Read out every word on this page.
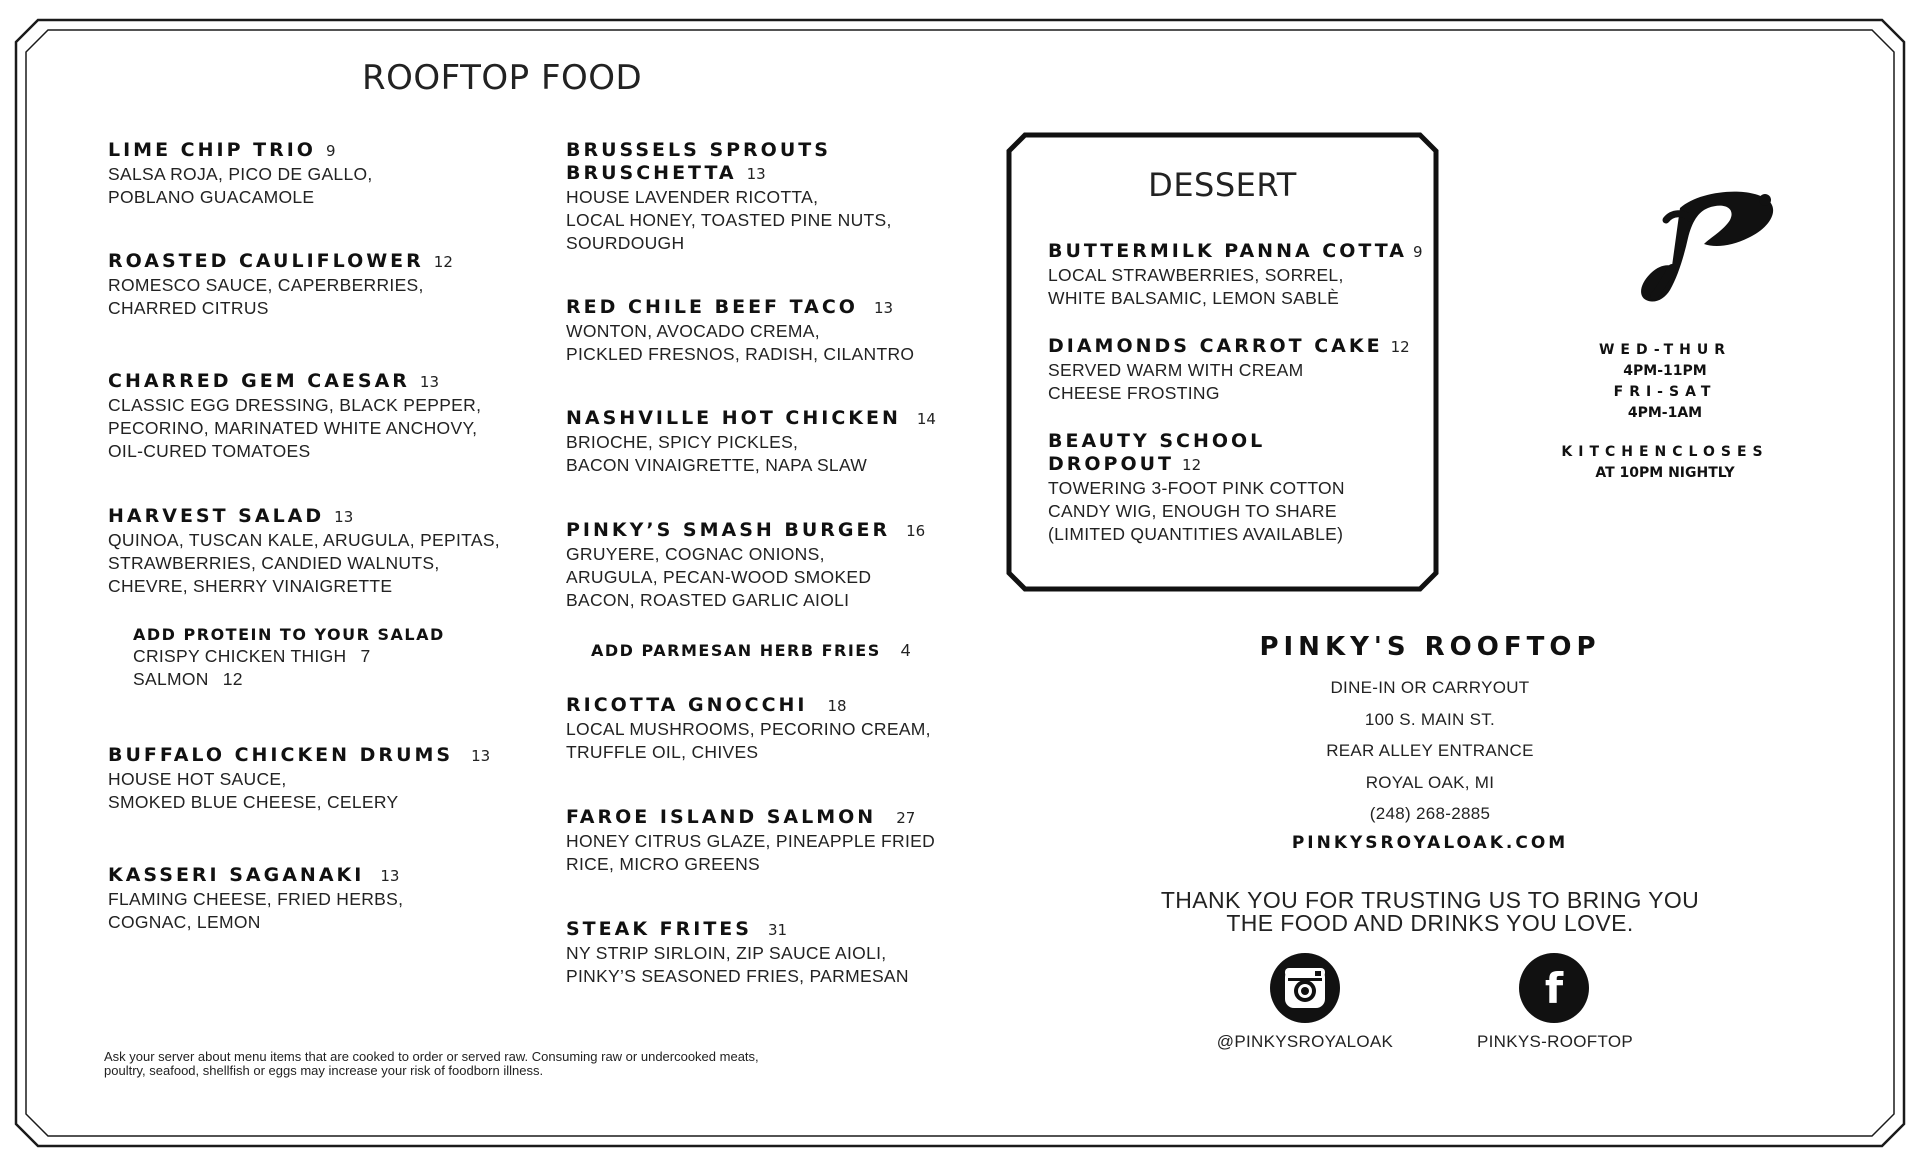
ROOFTOP FOOD
LIME CHIP TRIO 9
SALSA ROJA, PICO DE GALLO,
POBLANO GUACAMOLE
ROASTED CAULIFLOWER 12
ROMESCO SAUCE, CAPERBERRIES,
CHARRED CITRUS
CHARRED GEM CAESAR 13
CLASSIC EGG DRESSING, BLACK PEPPER,
PECORINO, MARINATED WHITE ANCHOVY,
OIL-CURED TOMATOES
HARVEST SALAD 13
QUINOA, TUSCAN KALE, ARUGULA, PEPITAS,
STRAWBERRIES, CANDIED WALNUTS,
CHEVRE, SHERRY VINAIGRETTE
ADD PROTEIN TO YOUR SALAD
CRISPY CHICKEN THIGH 7
SALMON 12
BUFFALO CHICKEN DRUMS 13
HOUSE HOT SAUCE,
SMOKED BLUE CHEESE, CELERY
KASSERI SAGANAKI 13
FLAMING CHEESE, FRIED HERBS,
COGNAC, LEMON
BRUSSELS SPROUTS
BRUSCHETTA 13
HOUSE LAVENDER RICOTTA,
LOCAL HONEY, TOASTED PINE NUTS,
SOURDOUGH
RED CHILE BEEF TACO 13
WONTON, AVOCADO CREMA,
PICKLED FRESNOS, RADISH, CILANTRO
NASHVILLE HOT CHICKEN 14
BRIOCHE, SPICY PICKLES,
BACON VINAIGRETTE, NAPA SLAW
PINKY’S SMASH BURGER 16
GRUYERE, COGNAC ONIONS,
ARUGULA, PECAN-WOOD SMOKED
BACON, ROASTED GARLIC AIOLI
ADD PARMESAN HERB FRIES 4
RICOTTA GNOCCHI 18
LOCAL MUSHROOMS, PECORINO CREAM,
TRUFFLE OIL, CHIVES
FAROE ISLAND SALMON 27
HONEY CITRUS GLAZE, PINEAPPLE FRIED
RICE, MICRO GREENS
STEAK FRITES 31
NY STRIP SIRLOIN, ZIP SAUCE AIOLI,
PINKY’S SEASONED FRIES, PARMESAN
DESSERT
BUTTERMILK PANNA COTTA 9
LOCAL STRAWBERRIES, SORREL,
WHITE BALSAMIC, LEMON SABLÈ
DIAMONDS CARROT CAKE 12
SERVED WARM WITH CREAM
CHEESE FROSTING
BEAUTY SCHOOL
DROPOUT 12
TOWERING 3-FOOT PINK COTTON
CANDY WIG, ENOUGH TO SHARE
(LIMITED QUANTITIES AVAILABLE)
WED-THUR
4PM-11PM
FRI-SAT
4PM-1AM
KITCHENCLOSES
AT 10PM NIGHTLY
PINKY'S ROOFTOP
DINE-IN OR CARRYOUT
100 S. MAIN ST.
REAR ALLEY ENTRANCE
ROYAL OAK, MI
(248) 268-2885
PINKYSROYALOAK.COM
THANK YOU FOR TRUSTING US TO BRING YOU
THE FOOD AND DRINKS YOU LOVE.
f
@PINKYSROYALOAK	PINKYS-ROOFTOP
Ask your server about menu items that are cooked to order or served raw. Consuming raw or undercooked meats,
poultry, seafood, shellfish or eggs may increase your risk of foodborn illness.
